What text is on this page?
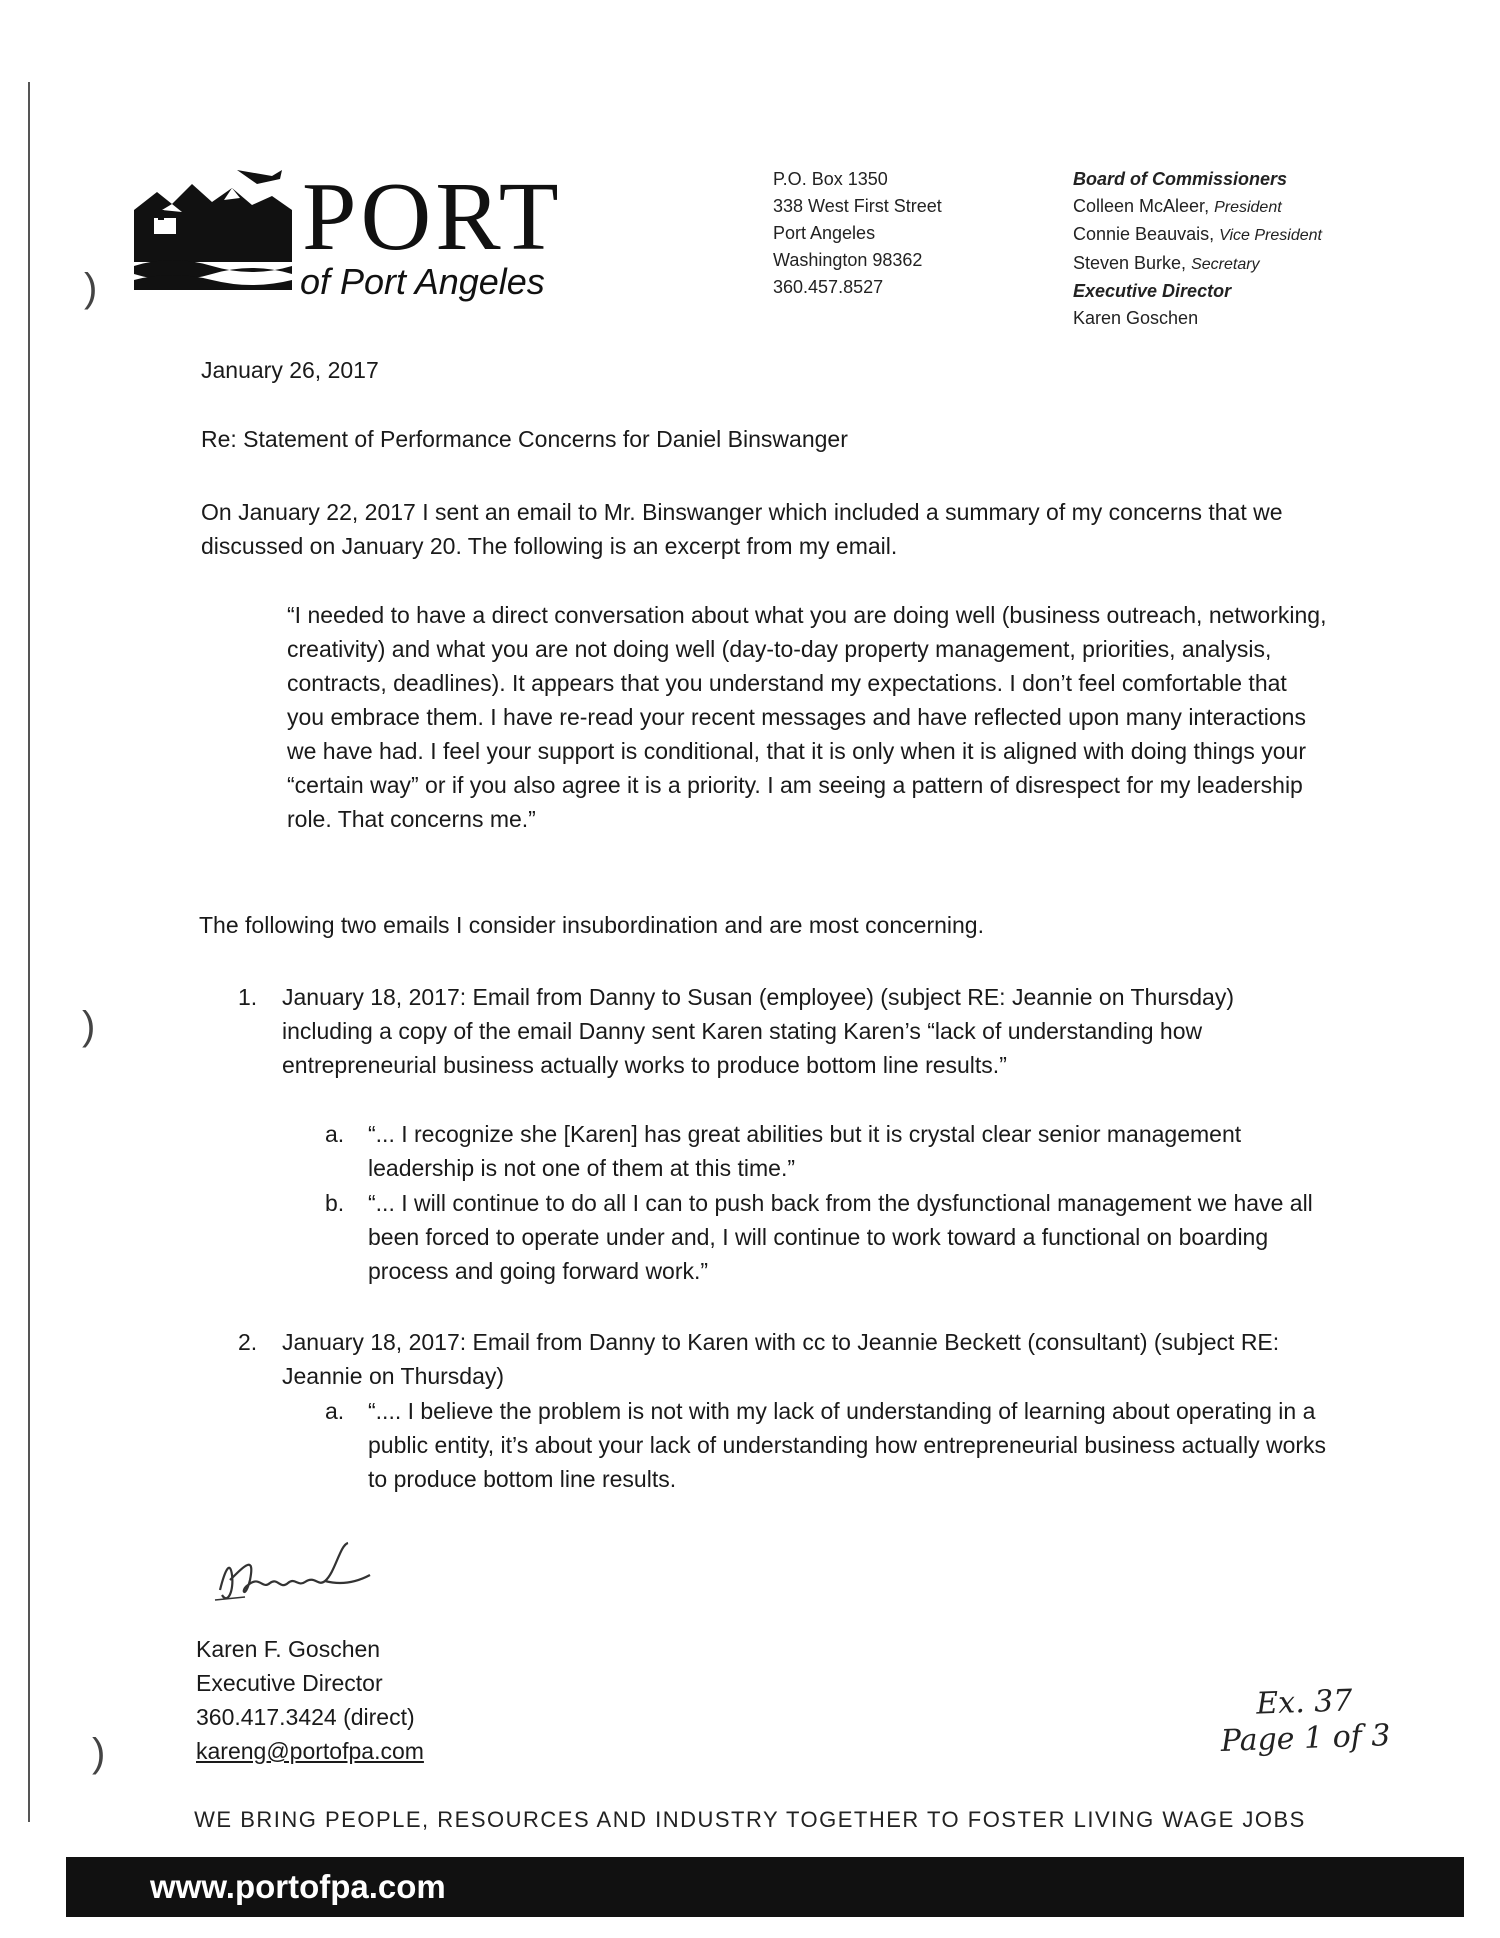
PORT
of Port Angeles
P.O. Box 1350
338 West First Street
Port Angeles
Washington 98362
360.457.8527
Board of Commissioners
Colleen McAleer, President
Connie Beauvais, Vice President
Steven Burke, Secretary
Executive Director
Karen Goschen
)
)
)
January 26, 2017
Re: Statement of Performance Concerns for Daniel Binswanger
On January 22, 2017 I sent an email to Mr. Binswanger which included a summary of my concerns that we discussed on January 20. The following is an excerpt from my email.
“I needed to have a direct conversation about what you are doing well (business outreach, networking, creativity) and what you are not doing well (day-to-day property management, priorities, analysis, contracts, deadlines). It appears that you understand my expectations. I don’t feel comfortable that you embrace them. I have re-read your recent messages and have reflected upon many interactions we have had. I feel your support is conditional, that it is only when it is aligned with doing things your “certain way” or if you also agree it is a priority. I am seeing a pattern of disrespect for my leadership role. That concerns me.”
The following two emails I consider insubordination and are most concerning.
1.	January 18, 2017: Email from Danny to Susan (employee) (subject RE: Jeannie on Thursday) including a copy of the email Danny sent Karen stating Karen’s “lack of understanding how entrepreneurial business actually works to produce bottom line results.”
a. “... I recognize she [Karen] has great abilities but it is crystal clear senior management leadership is not one of them at this time.”
b. “... I will continue to do all I can to push back from the dysfunctional management we have all been forced to operate under and, I will continue to work toward a functional on boarding process and going forward work.”
2.	January 18, 2017: Email from Danny to Karen with cc to Jeannie Beckett (consultant) (subject RE: Jeannie on Thursday)
a. “.... I believe the problem is not with my lack of understanding of learning about operating in a public entity, it’s about your lack of understanding how entrepreneurial business actually works to produce bottom line results.
Karen F. Goschen
Executive Director
360.417.3424 (direct)
kareng@portofpa.com
Ex. 37
Page 1 of 3
WE BRING PEOPLE, RESOURCES AND INDUSTRY TOGETHER TO FOSTER LIVING WAGE JOBS
www.portofpa.com
